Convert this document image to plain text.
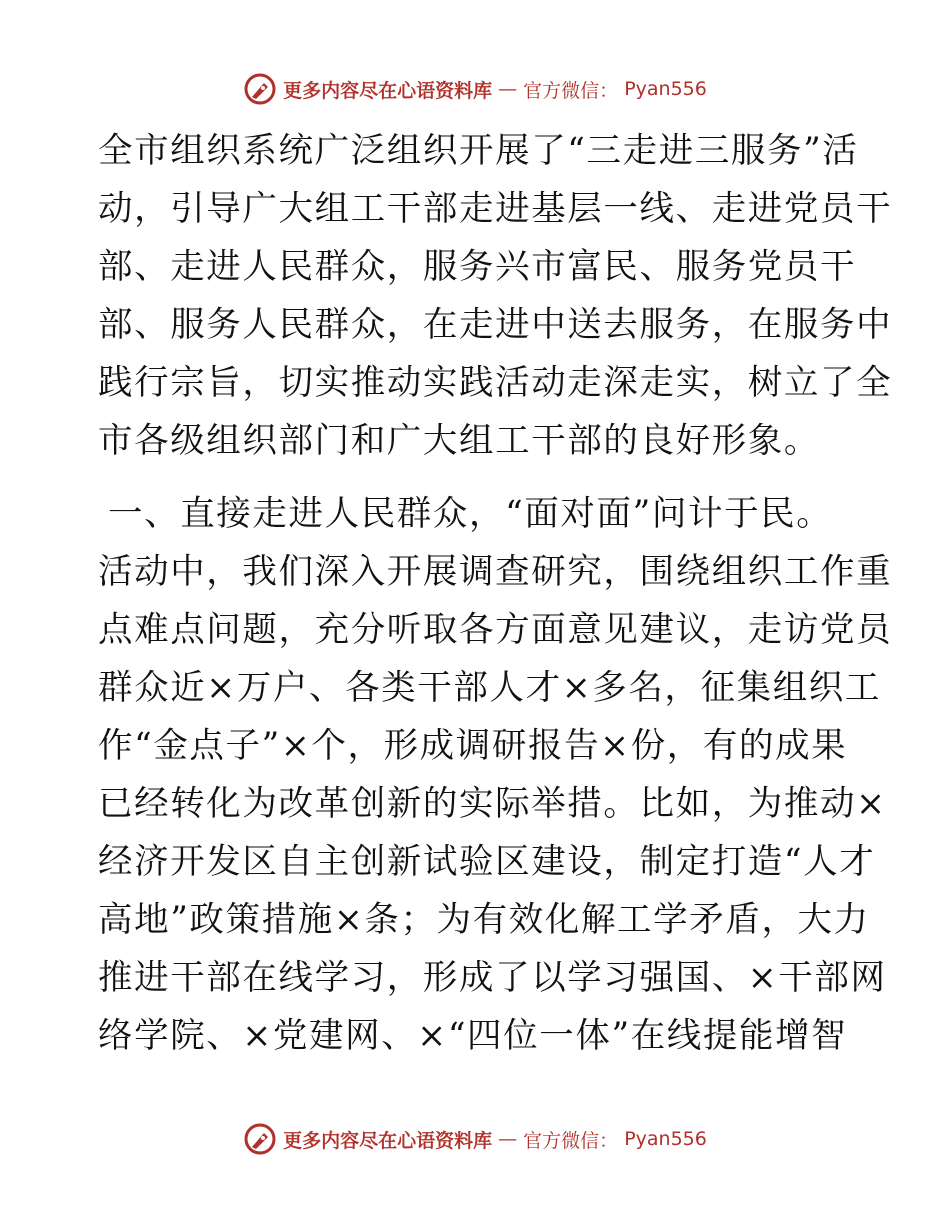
更多内容尽在心语资料库 — 官方微信： Pyan556
全市组织系统广泛组织开展了“三走进三服务”活
动，引导广大组工干部走进基层一线、走进党员干
部、走进人民群众，服务兴市富民、服务党员干
部、服务人民群众，在走进中送去服务，在服务中
践行宗旨，切实推动实践活动走深走实，树立了全
市各级组织部门和广大组工干部的良好形象。
一、直接走进人民群众，“面对面”问计于民。
活动中，我们深入开展调查研究，围绕组织工作重
点难点问题，充分听取各方面意见建议，走访党员
群众近×万户、各类干部人才×多名，征集组织工
作“金点子”×个，形成调研报告×份，有的成果
已经转化为改革创新的实际举措。比如，为推动×
经济开发区自主创新试验区建设，制定打造“人才
高地”政策措施×条；为有效化解工学矛盾，大力
推进干部在线学习，形成了以学习强国、×干部网
络学院、×党建网、×“四位一体”在线提能增智
更多内容尽在心语资料库 — 官方微信： Pyan556
